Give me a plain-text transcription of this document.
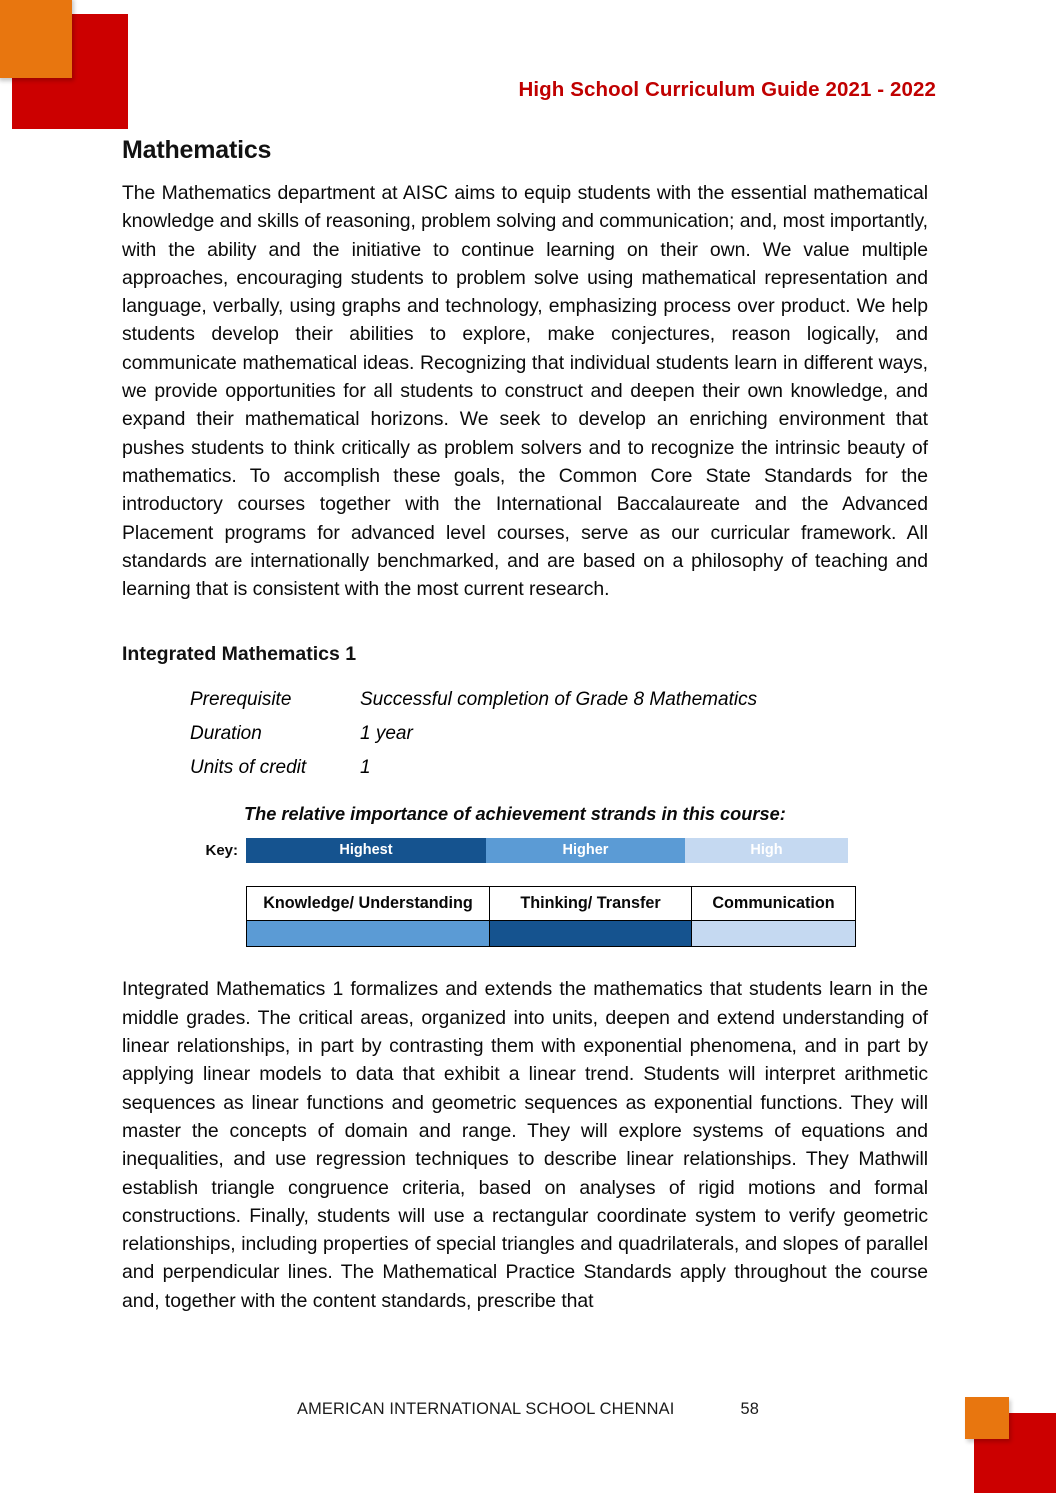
High School Curriculum Guide 2021 - 2022
Mathematics

The Mathematics department at AISC aims to equip students with the essential mathematical knowledge and skills of reasoning, problem solving and communication; and, most importantly, with the ability and the initiative to continue learning on their own. We value multiple approaches, encouraging students to problem solve using mathematical representation and language, verbally, using graphs and technology, emphasizing process over product. We help students develop their abilities to explore, make conjectures, reason logically, and communicate mathematical ideas. Recognizing that individual students learn in different ways, we provide opportunities for all students to construct and deepen their own knowledge, and expand their mathematical horizons. We seek to develop an enriching environment that pushes students to think critically as problem solvers and to recognize the intrinsic beauty of mathematics. To accomplish these goals, the Common Core State Standards for the introductory courses together with the International Baccalaureate and the Advanced Placement programs for advanced level courses, serve as our curricular framework. All standards are internationally benchmarked, and are based on a philosophy of teaching and learning that is consistent with the most current research.

Integrated Mathematics 1
Prerequisite	Successful completion of Grade 8 Mathematics
Duration	1 year
Units of credit	1
The relative importance of achievement strands in this course:
Key:	Highest	Higher	High
Knowledge/ Understanding	Thinking/ Transfer	Communication

Integrated Mathematics 1 formalizes and extends the mathematics that students learn in the middle grades. The critical areas, organized into units, deepen and extend understanding of linear relationships, in part by contrasting them with exponential phenomena, and in part by applying linear models to data that exhibit a linear trend. Students will interpret arithmetic sequences as linear functions and geometric sequences as exponential functions. They will master the concepts of domain and range. They will explore systems of equations and inequalities, and use regression techniques to describe linear relationships. They Mathwill establish triangle congruence criteria, based on analyses of rigid motions and formal constructions. Finally, students will use a rectangular coordinate system to verify geometric relationships, including properties of special triangles and quadrilaterals, and slopes of parallel and perpendicular lines. The Mathematical Practice Standards apply throughout the course and, together with the content standards, prescribe that

AMERICAN INTERNATIONAL SCHOOL CHENNAI	58
